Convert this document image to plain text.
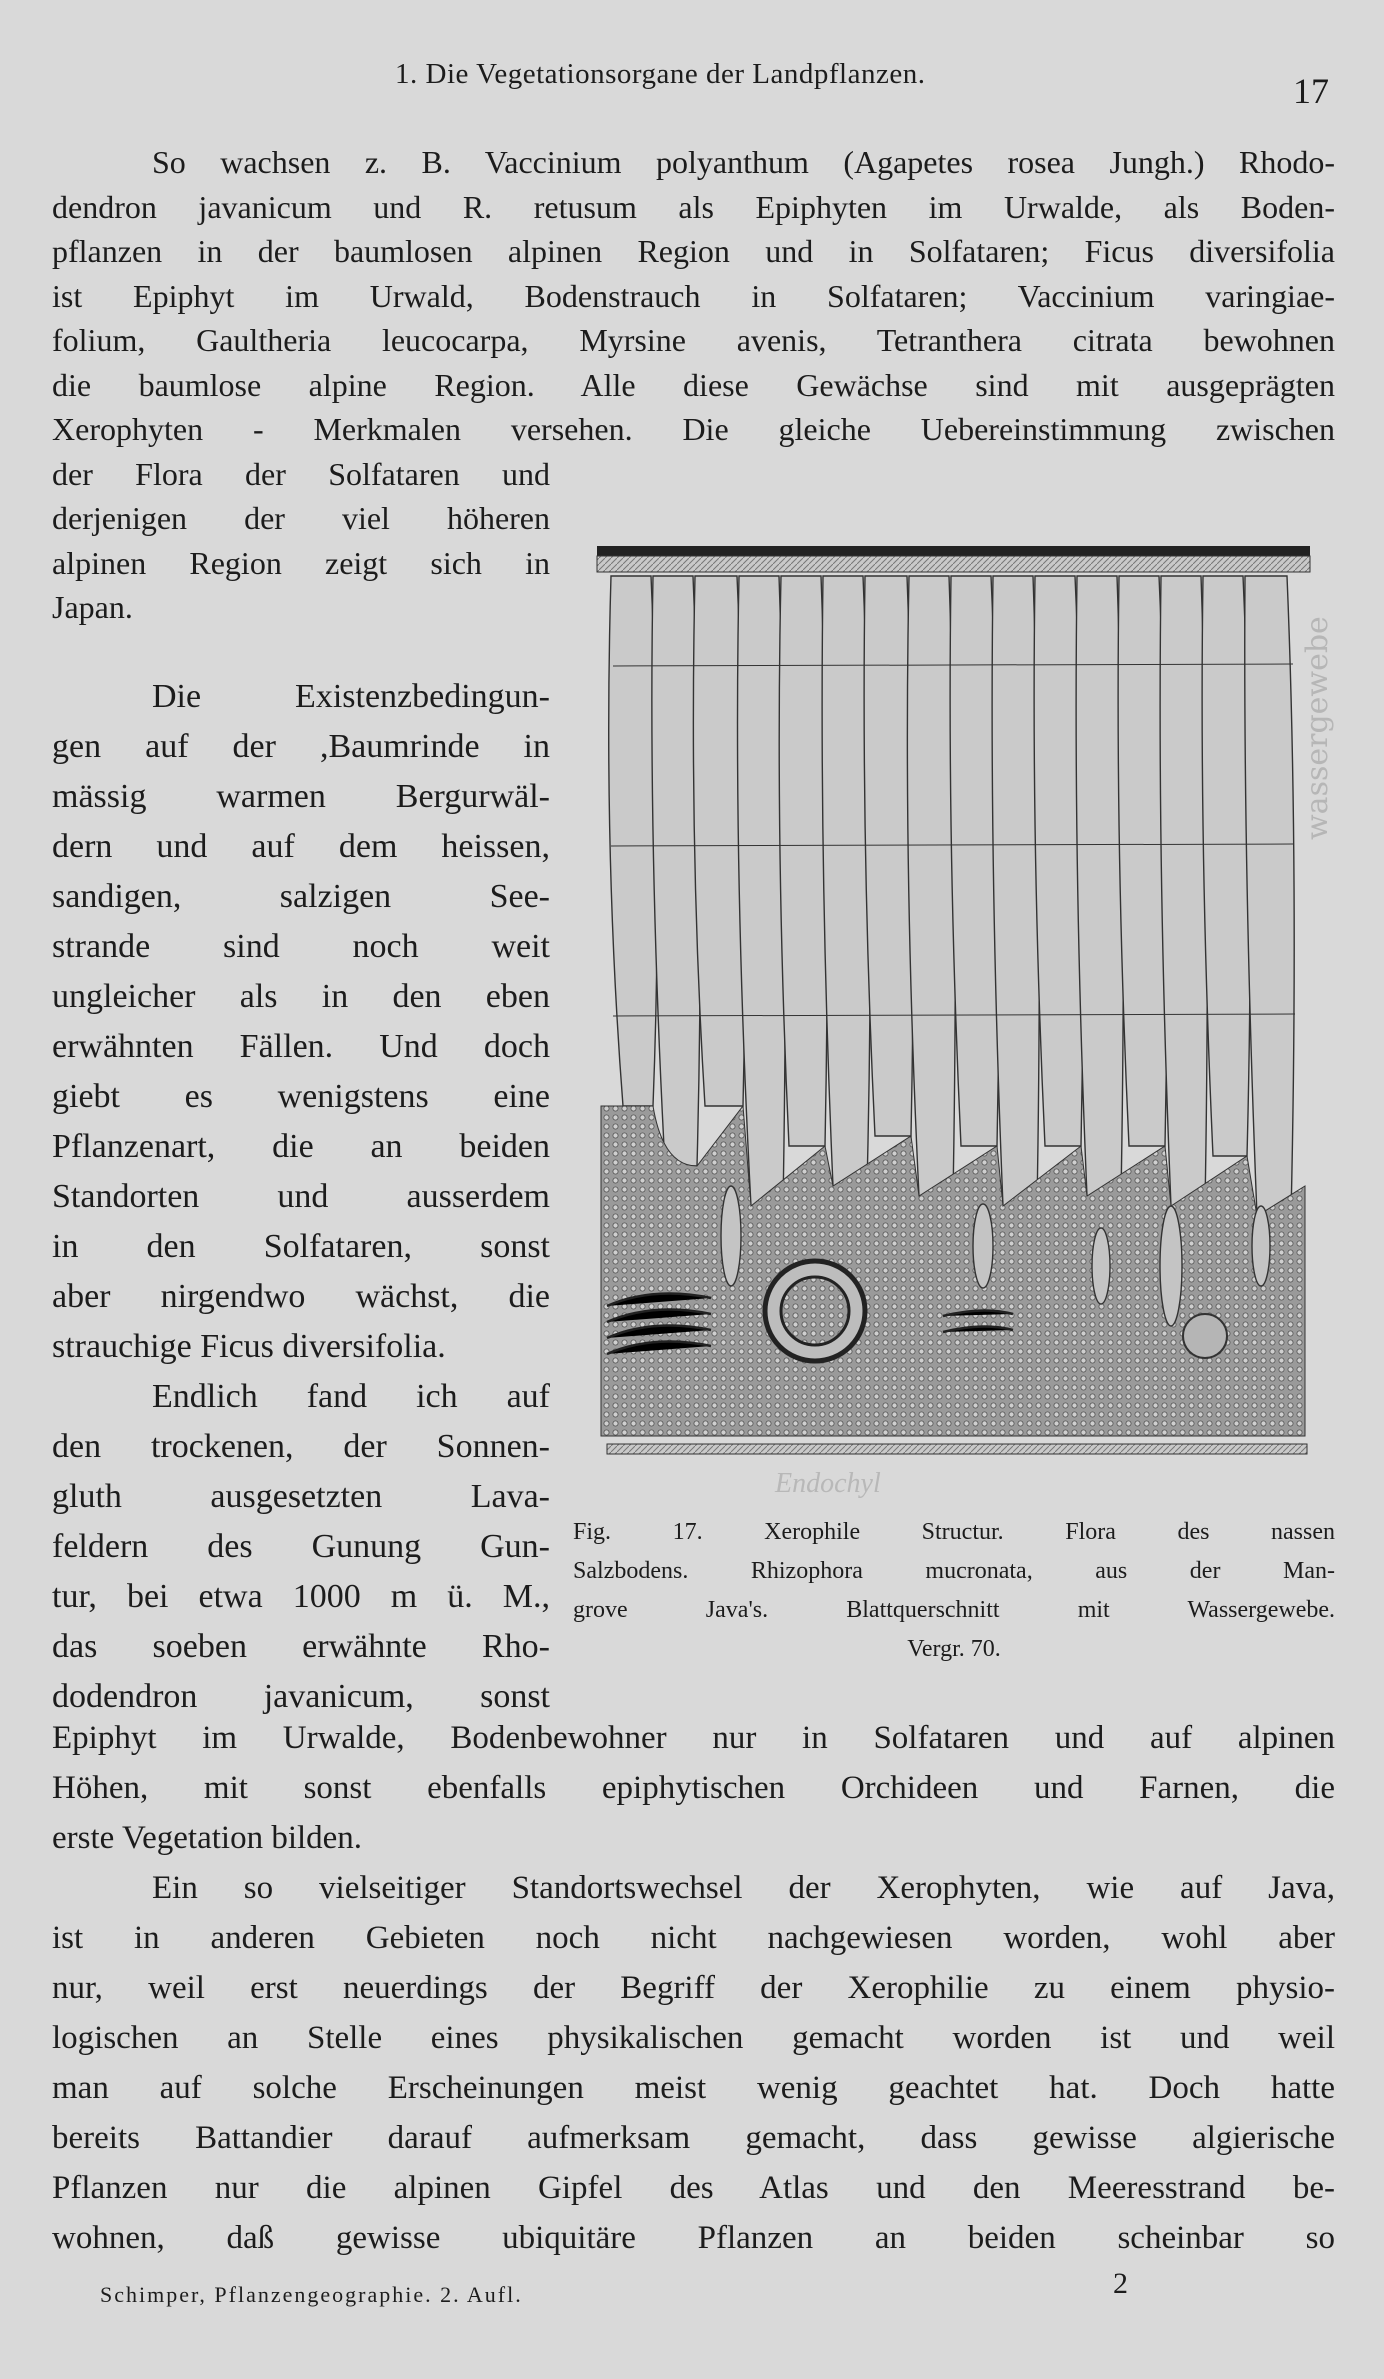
1. Die Vegetationsorgane der Landpflanzen.	17
So wachsen z. B. Vaccinium polyanthum (Agapetes rosea Jungh.) Rhodo-
dendron javanicum und R. retusum als Epiphyten im Urwalde, als Boden-
pflanzen in der baumlosen alpinen Region und in Solfataren; Ficus diversifolia
ist Epiphyt im Urwald, Bodenstrauch in Solfataren; Vaccinium varingiae-
folium, Gaultheria leucocarpa, Myrsine avenis, Tetranthera citrata bewohnen
die baumlose alpine Region. Alle diese Gewächse sind mit ausgeprägten
Xerophyten - Merkmalen versehen. Die gleiche Uebereinstimmung zwischen
der Flora der Solfataren und
derjenigen der viel höheren
alpinen Region zeigt sich in
Japan.
Die Existenzbedingun-
gen auf der ,Baumrinde in
mässig warmen Bergurwäl-
dern und auf dem heissen,
sandigen, salzigen See-
strande sind noch weit
ungleicher als in den eben
erwähnten Fällen. Und doch
giebt es wenigstens eine
Pflanzenart, die an beiden
Standorten und ausserdem
in den Solfataren, sonst
aber nirgendwo wächst, die
strauchige Ficus diversifolia.
Endlich fand ich auf
den trockenen, der Sonnen-
gluth ausgesetzten Lava-
feldern des Gunung Gun-
tur, bei etwa 1000 m ü. M.,
das soeben erwähnte Rho-
dodendron javanicum, sonst
wassergewebe
Endochyl
Fig. 17. Xerophile Structur. Flora des nassen
Salzbodens. Rhizophora mucronata, aus der Man-
grove Java's. Blattquerschnitt mit Wassergewebe.
Vergr. 70.
Epiphyt im Urwalde, Bodenbewohner nur in Solfataren und auf alpinen
Höhen, mit sonst ebenfalls epiphytischen Orchideen und Farnen, die
erste Vegetation bilden.
Ein so vielseitiger Standortswechsel der Xerophyten, wie auf Java,
ist in anderen Gebieten noch nicht nachgewiesen worden, wohl aber
nur, weil erst neuerdings der Begriff der Xerophilie zu einem physio-
logischen an Stelle eines physikalischen gemacht worden ist und weil
man auf solche Erscheinungen meist wenig geachtet hat. Doch hatte
bereits Battandier darauf aufmerksam gemacht, dass gewisse algierische
Pflanzen nur die alpinen Gipfel des Atlas und den Meeresstrand be-
wohnen, daß gewisse ubiquitäre Pflanzen an beiden scheinbar so
Schimper, Pflanzengeographie. 2. Aufl.	2
